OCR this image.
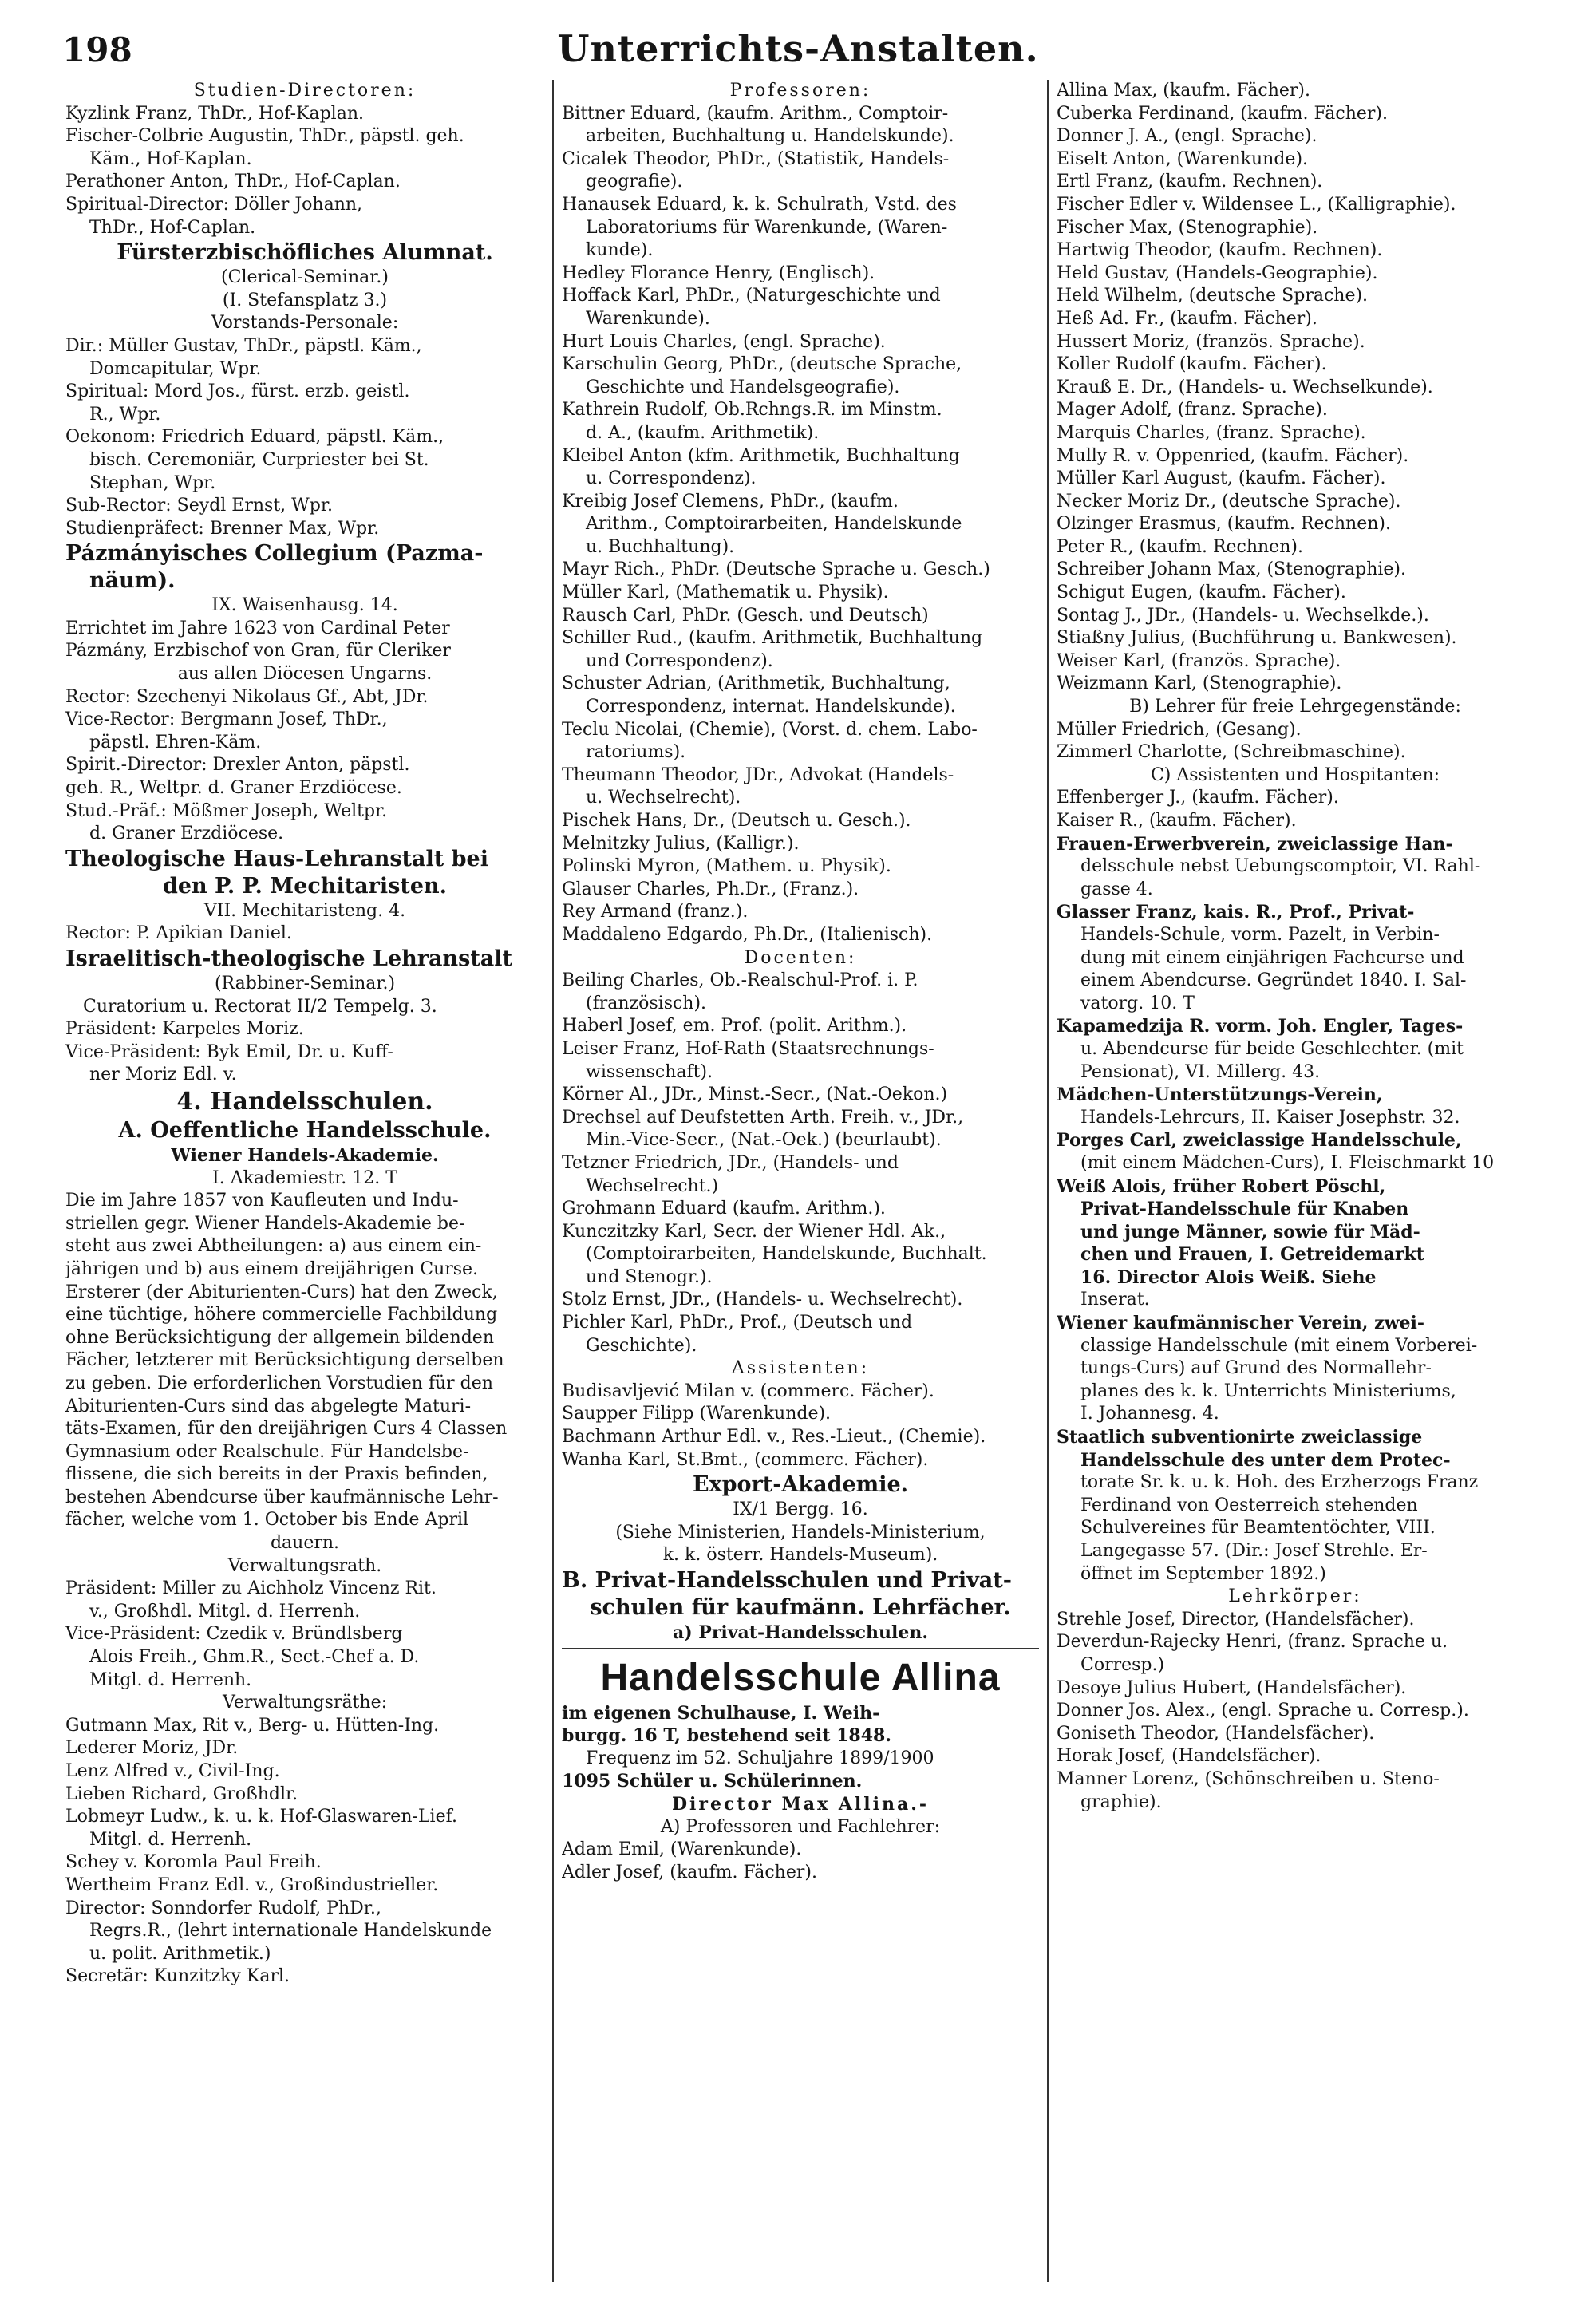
198	Unterrichts-Anstalten.
Studien-Directoren:
Kyzlink Franz, ThDr., Hof-Kaplan.
Fischer-Colbrie Augustin, ThDr., päpstl. geh.
Käm., Hof-Kaplan.
Perathoner Anton, ThDr., Hof-Caplan.
Spiritual-Director: Döller Johann,
ThDr., Hof-Caplan.
Fürsterzbischöfliches Alumnat.
(Clerical-Seminar.)
(I. Stefansplatz 3.)
Vorstands-Personale:
Dir.: Müller Gustav, ThDr., päpstl. Käm.,
Domcapitular, Wpr.
Spiritual: Mord Jos., fürst. erzb. geistl.
R., Wpr.
Oekonom: Friedrich Eduard, päpstl. Käm.,
bisch. Ceremoniär, Curpriester bei St.
Stephan, Wpr.
Sub-Rector: Seydl Ernst, Wpr.
Studienpräfect: Brenner Max, Wpr.
Pázmányisches Collegium (Pazma-
näum).
IX. Waisenhausg. 14.
Errichtet im Jahre 1623 von Cardinal Peter
Pázmány, Erzbischof von Gran, für Cleriker
aus allen Diöcesen Ungarns.
Rector: Szechenyi Nikolaus Gf., Abt, JDr.
Vice-Rector: Bergmann Josef, ThDr.,
päpstl. Ehren-Käm.
Spirit.-Director: Drexler Anton, päpstl.
geh. R., Weltpr. d. Graner Erzdiöcese.
Stud.-Präf.: Mößmer Joseph, Weltpr.
d. Graner Erzdiöcese.
Theologische Haus-Lehranstalt bei
den P. P. Mechitaristen.
VII. Mechitaristeng. 4.
Rector: P. Apikian Daniel.
Israelitisch-theologische Lehranstalt
(Rabbiner-Seminar.)
Curatorium u. Rectorat II/2 Tempelg. 3.
Präsident: Karpeles Moriz.
Vice-Präsident: Byk Emil, Dr. u. Kuff-
ner Moriz Edl. v.
4. Handelsschulen.
A. Oeffentliche Handelsschule.
Wiener Handels-Akademie.
I. Akademiestr. 12. T
Die im Jahre 1857 von Kaufleuten und Indu-
striellen gegr. Wiener Handels-Akademie be-
steht aus zwei Abtheilungen: a) aus einem ein-
jährigen und b) aus einem dreijährigen Curse.
Ersterer (der Abiturienten-Curs) hat den Zweck,
eine tüchtige, höhere commercielle Fachbildung
ohne Berücksichtigung der allgemein bildenden
Fächer, letzterer mit Berücksichtigung derselben
zu geben. Die erforderlichen Vorstudien für den
Abiturienten-Curs sind das abgelegte Maturi-
täts-Examen, für den dreijährigen Curs 4 Classen
Gymnasium oder Realschule. Für Handelsbe-
flissene, die sich bereits in der Praxis befinden,
bestehen Abendcurse über kaufmännische Lehr-
fächer, welche vom 1. October bis Ende April
dauern.
Verwaltungsrath.
Präsident: Miller zu Aichholz Vincenz Rit.
v., Großhdl. Mitgl. d. Herrenh.
Vice-Präsident: Czedik v. Bründlsberg
Alois Freih., Ghm.R., Sect.-Chef a. D.
Mitgl. d. Herrenh.
Verwaltungsräthe:
Gutmann Max, Rit v., Berg- u. Hütten-Ing.
Lederer Moriz, JDr.
Lenz Alfred v., Civil-Ing.
Lieben Richard, Großhdlr.
Lobmeyr Ludw., k. u. k. Hof-Glaswaren-Lief.
Mitgl. d. Herrenh.
Schey v. Koromla Paul Freih.
Wertheim Franz Edl. v., Großindustrieller.
Director: Sonndorfer Rudolf, PhDr.,
Regrs.R., (lehrt internationale Handelskunde
u. polit. Arithmetik.)
Secretär: Kunzitzky Karl.
Professoren:
Bittner Eduard, (kaufm. Arithm., Comptoir-
arbeiten, Buchhaltung u. Handelskunde).
Cicalek Theodor, PhDr., (Statistik, Handels-
geografie).
Hanausek Eduard, k. k. Schulrath, Vstd. des
Laboratoriums für Warenkunde, (Waren-
kunde).
Hedley Florance Henry, (Englisch).
Hoffack Karl, PhDr., (Naturgeschichte und
Warenkunde).
Hurt Louis Charles, (engl. Sprache).
Karschulin Georg, PhDr., (deutsche Sprache,
Geschichte und Handelsgeografie).
Kathrein Rudolf, Ob.Rchngs.R. im Minstm.
d. A., (kaufm. Arithmetik).
Kleibel Anton (kfm. Arithmetik, Buchhaltung
u. Correspondenz).
Kreibig Josef Clemens, PhDr., (kaufm.
Arithm., Comptoirarbeiten, Handelskunde
u. Buchhaltung).
Mayr Rich., PhDr. (Deutsche Sprache u. Gesch.)
Müller Karl, (Mathematik u. Physik).
Rausch Carl, PhDr. (Gesch. und Deutsch)
Schiller Rud., (kaufm. Arithmetik, Buchhaltung
und Correspondenz).
Schuster Adrian, (Arithmetik, Buchhaltung,
Correspondenz, internat. Handelskunde).
Teclu Nicolai, (Chemie), (Vorst. d. chem. Labo-
ratoriums).
Theumann Theodor, JDr., Advokat (Handels-
u. Wechselrecht).
Pischek Hans, Dr., (Deutsch u. Gesch.).
Melnitzky Julius, (Kalligr.).
Polinski Myron, (Mathem. u. Physik).
Glauser Charles, Ph.Dr., (Franz.).
Rey Armand (franz.).
Maddaleno Edgardo, Ph.Dr., (Italienisch).
Docenten:
Beiling Charles, Ob.-Realschul-Prof. i. P.
(französisch).
Haberl Josef, em. Prof. (polit. Arithm.).
Leiser Franz, Hof-Rath (Staatsrechnungs-
wissenschaft).
Körner Al., JDr., Minst.-Secr., (Nat.-Oekon.)
Drechsel auf Deufstetten Arth. Freih. v., JDr.,
Min.-Vice-Secr., (Nat.-Oek.) (beurlaubt).
Tetzner Friedrich, JDr., (Handels- und
Wechselrecht.)
Grohmann Eduard (kaufm. Arithm.).
Kunczitzky Karl, Secr. der Wiener Hdl. Ak.,
(Comptoirarbeiten, Handelskunde, Buchhalt.
und Stenogr.).
Stolz Ernst, JDr., (Handels- u. Wechselrecht).
Pichler Karl, PhDr., Prof., (Deutsch und
Geschichte).
Assistenten:
Budisavljević Milan v. (commerc. Fächer).
Saupper Filipp (Warenkunde).
Bachmann Arthur Edl. v., Res.-Lieut., (Chemie).
Wanha Karl, St.Bmt., (commerc. Fächer).
Export-Akademie.
IX/1 Bergg. 16.
(Siehe Ministerien, Handels-Ministerium,
k. k. österr. Handels-Museum).
B. Privat-Handelsschulen und Privat-
schulen für kaufmänn. Lehrfächer.
a) Privat-Handelsschulen.
Handelsschule Allina
im eigenen Schulhause, I. Weih-
burgg. 16 T, bestehend seit 1848.
Frequenz im 52. Schuljahre 1899/1900
1095 Schüler u. Schülerinnen.
Director Max Allina.-
A) Professoren und Fachlehrer:
Adam Emil, (Warenkunde).
Adler Josef, (kaufm. Fächer).
Allina Max, (kaufm. Fächer).
Cuberka Ferdinand, (kaufm. Fächer).
Donner J. A., (engl. Sprache).
Eiselt Anton, (Warenkunde).
Ertl Franz, (kaufm. Rechnen).
Fischer Edler v. Wildensee L., (Kalligraphie).
Fischer Max, (Stenographie).
Hartwig Theodor, (kaufm. Rechnen).
Held Gustav, (Handels-Geographie).
Held Wilhelm, (deutsche Sprache).
Heß Ad. Fr., (kaufm. Fächer).
Hussert Moriz, (französ. Sprache).
Koller Rudolf (kaufm. Fächer).
Krauß E. Dr., (Handels- u. Wechselkunde).
Mager Adolf, (franz. Sprache).
Marquis Charles, (franz. Sprache).
Mully R. v. Oppenried, (kaufm. Fächer).
Müller Karl August, (kaufm. Fächer).
Necker Moriz Dr., (deutsche Sprache).
Olzinger Erasmus, (kaufm. Rechnen).
Peter R., (kaufm. Rechnen).
Schreiber Johann Max, (Stenographie).
Schigut Eugen, (kaufm. Fächer).
Sontag J., JDr., (Handels- u. Wechselkde.).
Stiaßny Julius, (Buchführung u. Bankwesen).
Weiser Karl, (französ. Sprache).
Weizmann Karl, (Stenographie).
B) Lehrer für freie Lehrgegenstände:
Müller Friedrich, (Gesang).
Zimmerl Charlotte, (Schreibmaschine).
C) Assistenten und Hospitanten:
Effenberger J., (kaufm. Fächer).
Kaiser R., (kaufm. Fächer).
Frauen-Erwerbverein, zweiclassige Han-
delsschule nebst Uebungscomptoir, VI. Rahl-
gasse 4.
Glasser Franz, kais. R., Prof., Privat-
Handels-Schule, vorm. Pazelt, in Verbin-
dung mit einem einjährigen Fachcurse und
einem Abendcurse. Gegründet 1840. I. Sal-
vatorg. 10. T
Kapamedzija R. vorm. Joh. Engler, Tages-
u. Abendcurse für beide Geschlechter. (mit
Pensionat), VI. Millerg. 43.
Mädchen-Unterstützungs-Verein,
Handels-Lehrcurs, II. Kaiser Josephstr. 32.
Porges Carl, zweiclassige Handelsschule,
(mit einem Mädchen-Curs), I. Fleischmarkt 10
Weiß Alois, früher Robert Pöschl,
Privat-Handelsschule für Knaben
und junge Männer, sowie für Mäd-
chen und Frauen, I. Getreidemarkt
16. Director Alois Weiß. Siehe
Inserat.
Wiener kaufmännischer Verein, zwei-
classige Handelsschule (mit einem Vorberei-
tungs-Curs) auf Grund des Normallehr-
planes des k. k. Unterrichts Ministeriums,
I. Johannesg. 4.
Staatlich subventionirte zweiclassige
Handelsschule des unter dem Protec-
torate Sr. k. u. k. Hoh. des Erzherzogs Franz
Ferdinand von Oesterreich stehenden
Schulvereines für Beamtentöchter, VIII.
Langegasse 57. (Dir.: Josef Strehle. Er-
öffnet im September 1892.)
Lehrkörper:
Strehle Josef, Director, (Handelsfächer).
Deverdun-Rajecky Henri, (franz. Sprache u.
Corresp.)
Desoye Julius Hubert, (Handelsfächer).
Donner Jos. Alex., (engl. Sprache u. Corresp.).
Goniseth Theodor, (Handelsfächer).
Horak Josef, (Handelsfächer).
Manner Lorenz, (Schönschreiben u. Steno-
graphie).
